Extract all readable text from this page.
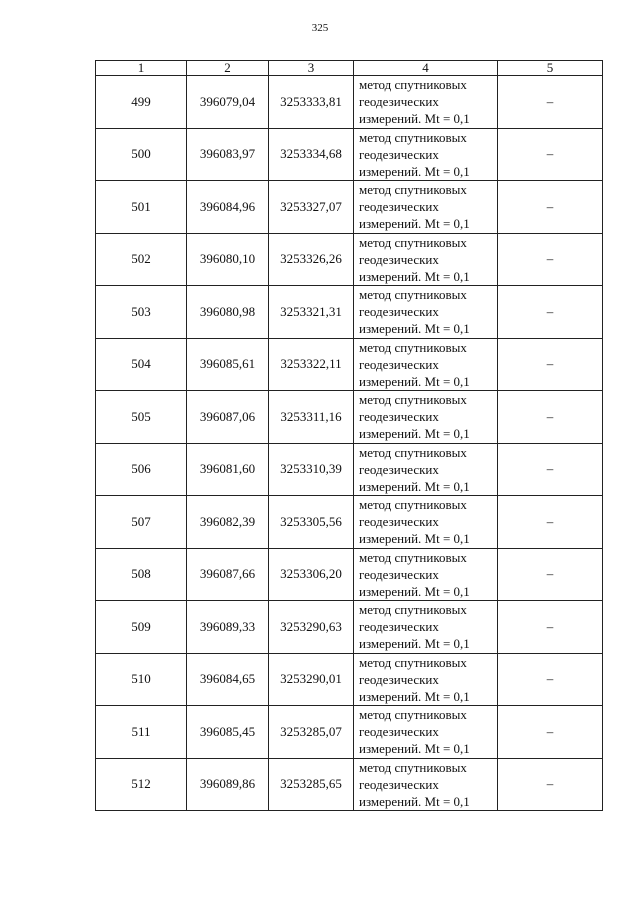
325
1	2	3	4	5
499	396079,04	3253333,81	метод спутниковых
геодезических
измерений. Mt = 0,1	–
500	396083,97	3253334,68	метод спутниковых
геодезических
измерений. Mt = 0,1	–
501	396084,96	3253327,07	метод спутниковых
геодезических
измерений. Mt = 0,1	–
502	396080,10	3253326,26	метод спутниковых
геодезических
измерений. Mt = 0,1	–
503	396080,98	3253321,31	метод спутниковых
геодезических
измерений. Mt = 0,1	–
504	396085,61	3253322,11	метод спутниковых
геодезических
измерений. Mt = 0,1	–
505	396087,06	3253311,16	метод спутниковых
геодезических
измерений. Mt = 0,1	–
506	396081,60	3253310,39	метод спутниковых
геодезических
измерений. Mt = 0,1	–
507	396082,39	3253305,56	метод спутниковых
геодезических
измерений. Mt = 0,1	–
508	396087,66	3253306,20	метод спутниковых
геодезических
измерений. Mt = 0,1	–
509	396089,33	3253290,63	метод спутниковых
геодезических
измерений. Mt = 0,1	–
510	396084,65	3253290,01	метод спутниковых
геодезических
измерений. Mt = 0,1	–
511	396085,45	3253285,07	метод спутниковых
геодезических
измерений. Mt = 0,1	–
512	396089,86	3253285,65	метод спутниковых
геодезических
измерений. Mt = 0,1	–
